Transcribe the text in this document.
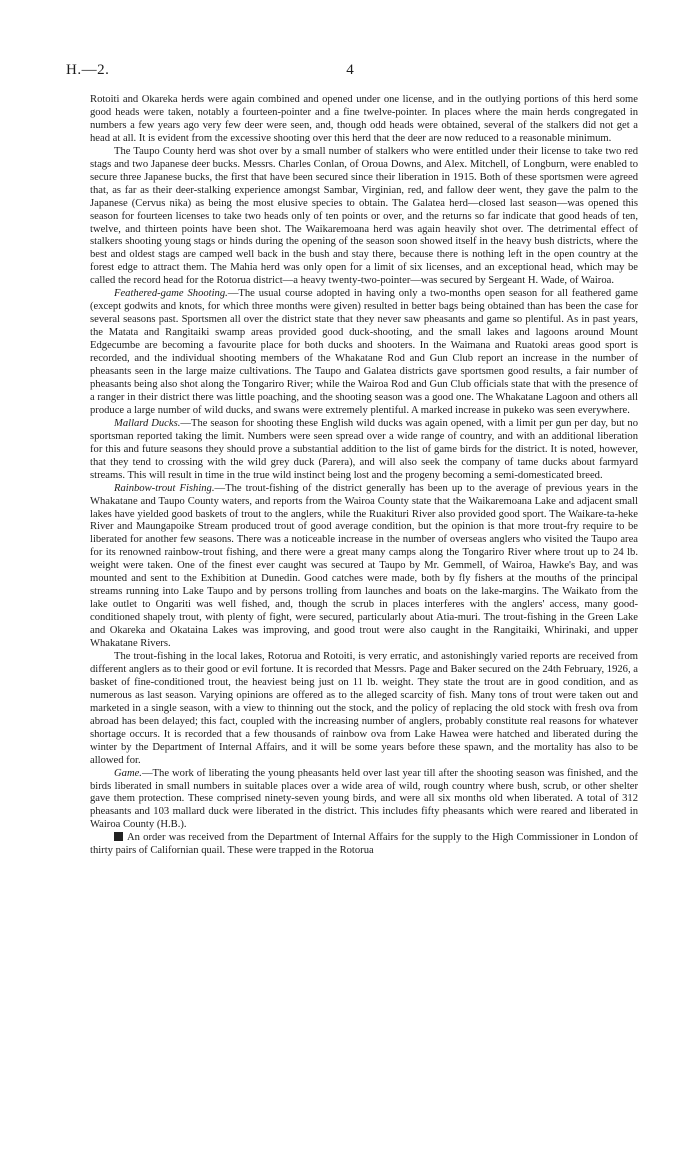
H.—2.	4

Rotoiti and Okareka herds were again combined and opened under one license, and in the outlying portions of this herd some good heads were taken, notably a fourteen-pointer and a fine twelve-pointer. In places where the main herds congregated in numbers a few years ago very few deer were seen, and, though odd heads were obtained, several of the stalkers did not get a head at all. It is evident from the excessive shooting over this herd that the deer are now reduced to a reasonable minimum.

The Taupo County herd was shot over by a small number of stalkers who were entitled under their license to take two red stags and two Japanese deer bucks. Messrs. Charles Conlan, of Oroua Downs, and Alex. Mitchell, of Longburn, were enabled to secure three Japanese bucks, the first that have been secured since their liberation in 1915. Both of these sportsmen were agreed that, as far as their deer-stalking experience amongst Sambar, Virginian, red, and fallow deer went, they gave the palm to the Japanese (Cervus nika) as being the most elusive species to obtain. The Galatea herd—closed last season—was opened this season for fourteen licenses to take two heads only of ten points or over, and the returns so far indicate that good heads of ten, twelve, and thirteen points have been shot. The Waikaremoana herd was again heavily shot over. The detrimental effect of stalkers shooting young stags or hinds during the opening of the season soon showed itself in the heavy bush districts, where the best and oldest stags are camped well back in the bush and stay there, because there is nothing left in the open country at the forest edge to attract them. The Mahia herd was only open for a limit of six licenses, and an exceptional head, which may be called the record head for the Rotorua district—a heavy twenty-two-pointer—was secured by Sergeant H. Wade, of Wairoa.

Feathered-game Shooting.—The usual course adopted in having only a two-months open season for all feathered game (except godwits and knots, for which three months were given) resulted in better bags being obtained than has been the case for several seasons past. Sportsmen all over the district state that they never saw pheasants and game so plentiful. As in past years, the Matata and Rangitaiki swamp areas provided good duck-shooting, and the small lakes and lagoons around Mount Edgecumbe are becoming a favourite place for both ducks and shooters. In the Waimana and Ruatoki areas good sport is recorded, and the individual shooting members of the Whakatane Rod and Gun Club report an increase in the number of pheasants seen in the large maize cultivations. The Taupo and Galatea districts gave sportsmen good results, a fair number of pheasants being also shot along the Tongariro River; while the Wairoa Rod and Gun Club officials state that with the presence of a ranger in their district there was little poaching, and the shooting season was a good one. The Whakatane Lagoon and others all produce a large number of wild ducks, and swans were extremely plentiful. A marked increase in pukeko was seen everywhere.

Mallard Ducks.—The season for shooting these English wild ducks was again opened, with a limit per gun per day, but no sportsman reported taking the limit. Numbers were seen spread over a wide range of country, and with an additional liberation for this and future seasons they should prove a substantial addition to the list of game birds for the district. It is noted, however, that they tend to crossing with the wild grey duck (Parera), and will also seek the company of tame ducks about farmyard streams. This will result in time in the true wild instinct being lost and the progeny becoming a semi-domesticated breed.

Rainbow-trout Fishing.—The trout-fishing of the district generally has been up to the average of previous years in the Whakatane and Taupo County waters, and reports from the Wairoa County state that the Waikaremoana Lake and adjacent small lakes have yielded good baskets of trout to the anglers, while the Ruakituri River also provided good sport. The Waikare-ta-heke River and Maungapoike Stream produced trout of good average condition, but the opinion is that more trout-fry require to be liberated for another few seasons. There was a noticeable increase in the number of overseas anglers who visited the Taupo area for its renowned rainbow-trout fishing, and there were a great many camps along the Tongariro River where trout up to 24 lb. weight were taken. One of the finest ever caught was secured at Taupo by Mr. Gemmell, of Wairoa, Hawke's Bay, and was mounted and sent to the Exhibition at Dunedin. Good catches were made, both by fly fishers at the mouths of the principal streams running into Lake Taupo and by persons trolling from launches and boats on the lake-margins. The Waikato from the lake outlet to Ongariti was well fished, and, though the scrub in places interferes with the anglers' access, many good-conditioned shapely trout, with plenty of fight, were secured, particularly about Atia-muri. The trout-fishing in the Green Lake and Okareka and Okataina Lakes was improving, and good trout were also caught in the Rangitaiki, Whirinaki, and upper Whakatane Rivers.

The trout-fishing in the local lakes, Rotorua and Rotoiti, is very erratic, and astonishingly varied reports are received from different anglers as to their good or evil fortune. It is recorded that Messrs. Page and Baker secured on the 24th February, 1926, a basket of fine-conditioned trout, the heaviest being just on 11 lb. weight. They state the trout are in good condition, and as numerous as last season. Varying opinions are offered as to the alleged scarcity of fish. Many tons of trout were taken out and marketed in a single season, with a view to thinning out the stock, and the policy of replacing the old stock with fresh ova from abroad has been delayed; this fact, coupled with the increasing number of anglers, probably constitute real reasons for whatever shortage occurs. It is recorded that a few thousands of rainbow ova from Lake Hawea were hatched and liberated during the winter by the Department of Internal Affairs, and it will be some years before these spawn, and the mortality has also to be allowed for.

Game.—The work of liberating the young pheasants held over last year till after the shooting season was finished, and the birds liberated in small numbers in suitable places over a wide area of wild, rough country where bush, scrub, or other shelter gave them protection. These comprised ninety-seven young birds, and were all six months old when liberated. A total of 312 pheasants and 103 mallard duck were liberated in the district. This includes fifty pheasants which were reared and liberated in Wairoa County (H.B.).

An order was received from the Department of Internal Affairs for the supply to the High Commissioner in London of thirty pairs of Californian quail. These were trapped in the Rotorua
